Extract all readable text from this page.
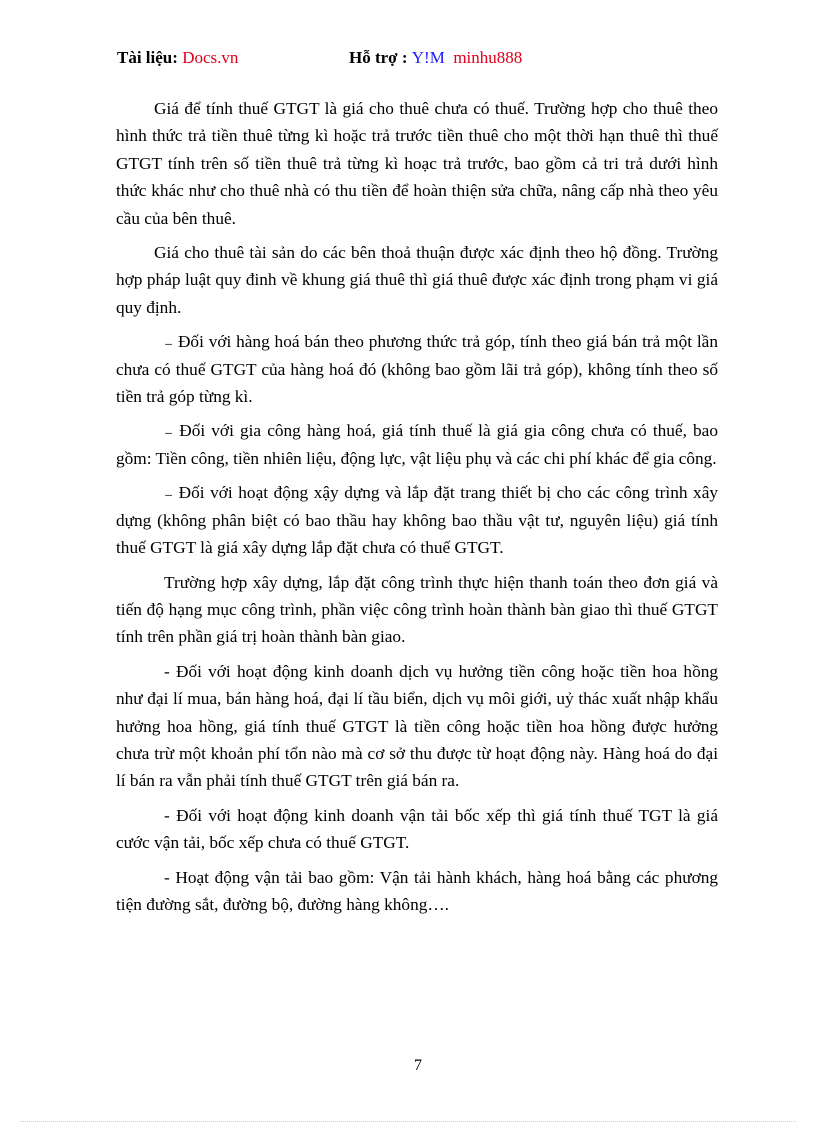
Tài liệu: Docs.vn	Hỗ trợ : Y!M minhu888

Giá để tính thuế GTGT là giá cho thuê chưa có thuế. Trường hợp cho thuê theo hình thức trả tiền thuê từng kì hoặc trả trước tiền thuê cho một thời hạn thuê thì thuế GTGT tính trên số tiền thuê trả từng kì hoạc trả trước, bao gồm cả tri trả dưới hình thức khác như cho thuê nhà có thu tiền để hoàn thiện sửa chữa, nâng cấp nhà theo yêu cầu của bên thuê.

Giá cho thuê tài sản do các bên thoả thuận được xác định theo hộ đồng. Trường hợp pháp luật quy đinh về khung giá thuê thì giá thuê được xác định trong phạm vi giá quy định.

₋ Đối với hàng hoá bán theo phương thức trả góp, tính theo giá bán trả một lần chưa có thuế GTGT của hàng hoá đó (không bao gồm lãi trả góp), không tính theo số tiền trả góp từng kì.

₋ Đối với gia công hàng hoá, giá tính thuế là giá gia công chưa có thuế, bao gồm: Tiền công, tiền nhiên liệu, động lực, vật liệu phụ và các chi phí khác để gia công.

₋ Đối với hoạt động xậy dựng và lắp đặt trang thiết bị cho các công trình xây dựng (không phân biệt có bao thầu hay không bao thầu vật tư, nguyên liệu) giá tính thuế GTGT là giá xây dựng lắp đặt chưa có thuế GTGT.

Trường hợp xây dựng, lắp đặt công trình thực hiện thanh toán theo đơn giá và tiến độ hạng mục công trình, phần việc công trình hoàn thành bàn giao thì thuế GTGT tính trên phần giá trị hoàn thành bàn giao.

- Đối với hoạt động kinh doanh dịch vụ hưởng tiền công hoặc tiền hoa hồng như đại lí mua, bán hàng hoá, đại lí tầu biển, dịch vụ môi giới, uỷ thác xuất nhập khẩu hưởng hoa hồng, giá tính thuế GTGT là tiền công hoặc tiền hoa hồng được hưởng chưa trừ một khoản phí tổn nào mà cơ sở thu được từ hoạt động này. Hàng hoá do đại lí bán ra vẫn phải tính thuế GTGT trên giá bán ra.

- Đối với hoạt động kinh doanh vận tải bốc xếp thì giá tính thuế TGT là giá cước vận tải, bốc xếp chưa có thuế GTGT.

- Hoạt động vận tải bao gồm: Vận tải hành khách, hàng hoá bằng các phương tiện đường sắt, đường bộ, đường hàng không….

7
